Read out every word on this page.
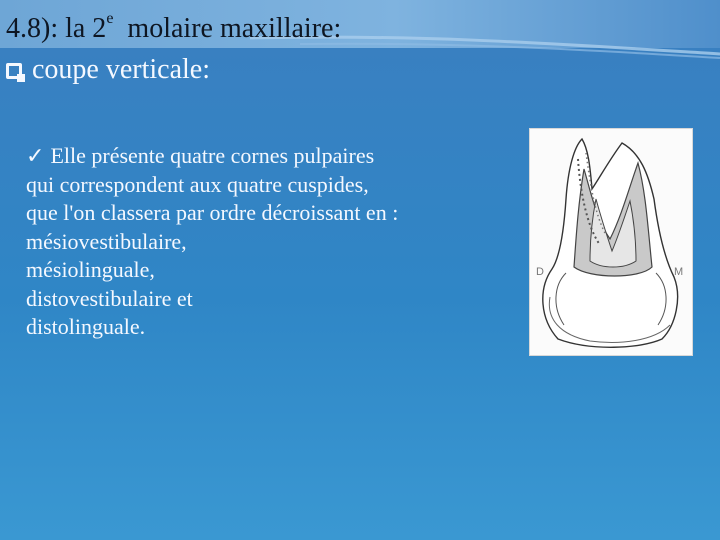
4.8): la 2e  molaire maxillaire:
coupe verticale:
✓ Elle présente quatre cornes pulpaires
qui correspondent aux quatre cuspides,
que l'on classera par ordre décroissant en :
mésiovestibulaire,
mésiolinguale,
distovestibulaire et
distolinguale.
D	M
